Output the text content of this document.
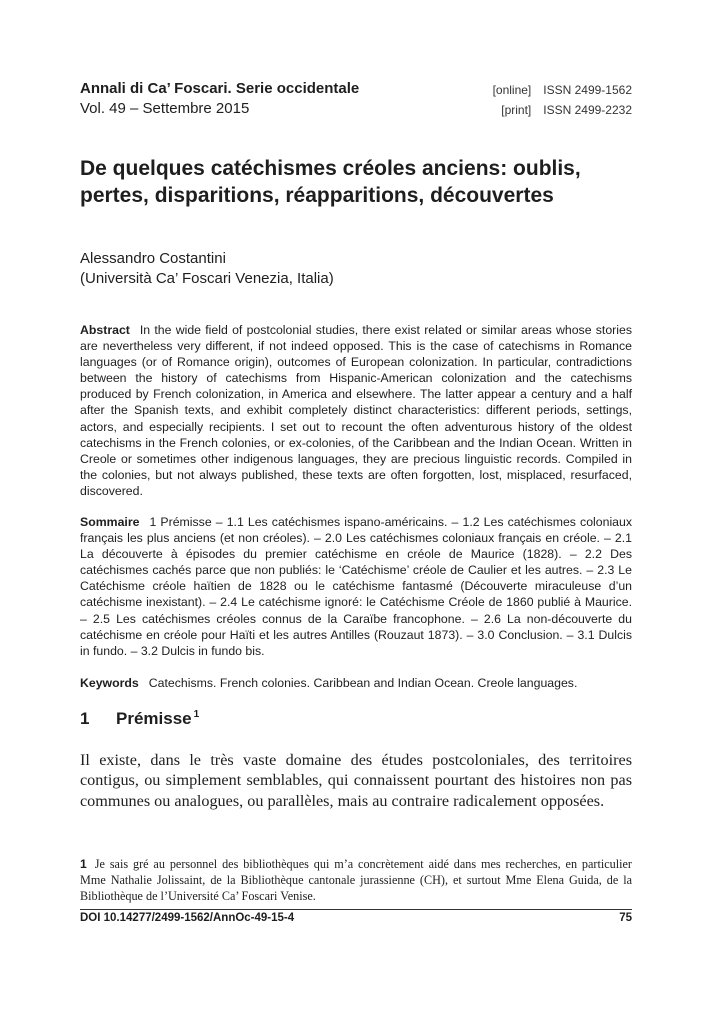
Annali di Ca’ Foscari. Serie occidentale
Vol. 49 – Settembre 2015
[online] ISSN 2499-1562
[print] ISSN 2499-2232
De quelques catéchismes créoles anciens: oublis, pertes, disparitions, réapparitions, découvertes
Alessandro Costantini
(Università Ca’ Foscari Venezia, Italia)
Abstract In the wide field of postcolonial studies, there exist related or similar areas whose stories are nevertheless very different, if not indeed opposed. This is the case of catechisms in Romance languages (or of Romance origin), outcomes of European colonization. In particular, contradictions between the history of catechisms from Hispanic-American colonization and the catechisms produced by French colonization, in America and elsewhere. The latter appear a century and a half after the Spanish texts, and exhibit completely distinct characteristics: different periods, settings, actors, and especially recipients. I set out to recount the often adventurous history of the oldest catechisms in the French colonies, or ex-colonies, of the Caribbean and the Indian Ocean. Written in Creole or sometimes other indigenous languages, they are precious linguistic records. Compiled in the colonies, but not always published, these texts are often forgotten, lost, misplaced, resurfaced, discovered.
Sommaire 1 Prémisse – 1.1 Les catéchismes ispano-américains. – 1.2 Les catéchismes coloniaux français les plus anciens (et non créoles). – 2.0 Les catéchismes coloniaux français en créole. – 2.1 La découverte à épisodes du premier catéchisme en créole de Maurice (1828). – 2.2 Des catéchismes cachés parce que non publiés: le ‘Catéchisme’ créole de Caulier et les autres. – 2.3 Le Catéchisme créole haïtien de 1828 ou le catéchisme fantasmé (Découverte miraculeuse d’un catéchisme inexistant). – 2.4 Le catéchisme ignoré: le Catéchisme Créole de 1860 publié à Maurice. – 2.5 Les catéchismes créoles connus de la Caraïbe francophone. – 2.6 La non-découverte du catéchisme en créole pour Haïti et les autres Antilles (Rouzaut 1873). – 3.0 Conclusion. – 3.1 Dulcis in fundo. – 3.2 Dulcis in fundo bis.
Keywords Catechisms. French colonies. Caribbean and Indian Ocean. Creole languages.
1 Prémisse $^1$
Il existe, dans le très vaste domaine des études postcoloniales, des territoires contigus, ou simplement semblables, qui connaissent pourtant des histoires non pas communes ou analogues, ou parallèles, mais au contraire radicalement opposées.
1 Je sais gré au personnel des bibliothèques qui m’a concrètement aidé dans mes recherches, en particulier Mme Nathalie Jolissaint, de la Bibliothèque cantonale jurassienne (CH), et surtout Mme Elena Guida, de la Bibliothèque de l’Université Ca’ Foscari Venise.
DOI 10.14277/2499-1562/AnnOc-49-15-4	75
